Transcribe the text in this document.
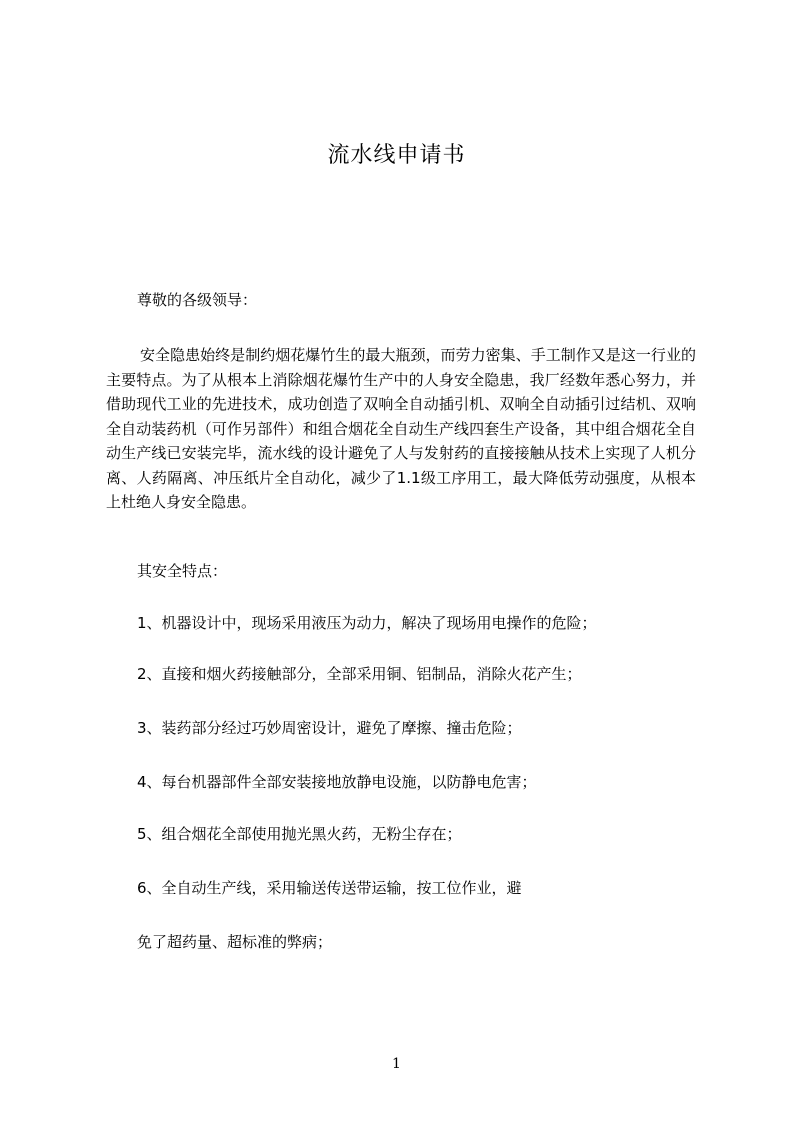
流水线申请书
尊敬的各级领导：

安全隐患始终是制约烟花爆竹生的最大瓶颈，而劳力密集、手工制作又是这一行业的主要特点。为了从根本上消除烟花爆竹生产中的人身安全隐患，我厂经数年悉心努力，并借助现代工业的先进技术，成功创造了双响全自动插引机、双响全自动插引过结机、双响全自动装药机（可作另部件）和组合烟花全自动生产线四套生产设备，其中组合烟花全自动生产线已安装完毕，流水线的设计避免了人与发射药的直接接触从技术上实现了人机分离、人药隔离、冲压纸片全自动化，减少了1.1级工序用工，最大降低劳动强度，从根本上杜绝人身安全隐患。

其安全特点：
1、机器设计中，现场采用液压为动力，解决了现场用电操作的危险；
2、直接和烟火药接触部分，全部采用铜、铝制品，消除火花产生；
3、装药部分经过巧妙周密设计，避免了摩擦、撞击危险；
4、每台机器部件全部安装接地放静电设施，以防静电危害；
5、组合烟花全部使用抛光黑火药，无粉尘存在；
6、全自动生产线，采用输送传送带运输，按工位作业，避
免了超药量、超标准的弊病；
1
